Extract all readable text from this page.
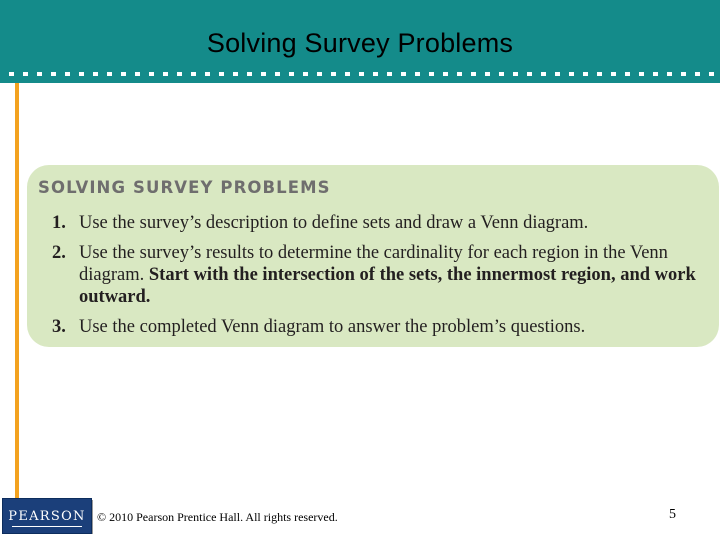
Solving Survey Problems
SOLVING SURVEY PROBLEMS
1. Use the survey’s description to define sets and draw a Venn diagram.
2. Use the survey’s results to determine the cardinality for each region in the Venn diagram. Start with the intersection of the sets, the innermost region, and work outward.
3. Use the completed Venn diagram to answer the problem’s questions.
PEARSON © 2010 Pearson Prentice Hall. All rights reserved.	5
